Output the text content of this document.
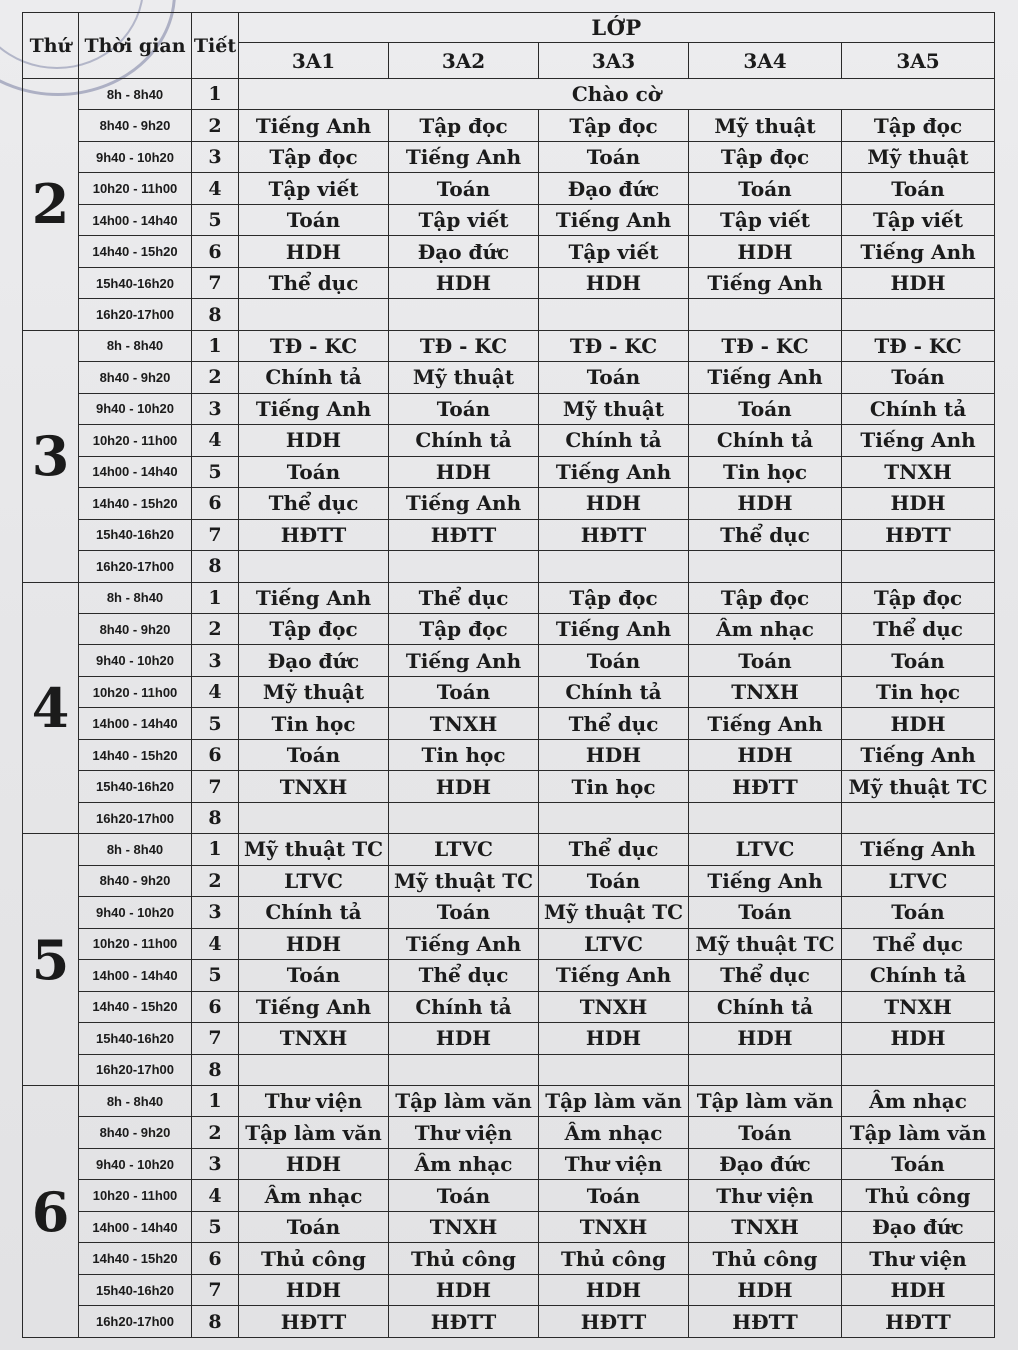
Thứ	Thời gian	Tiết	LỚP				
			3A1	3A2	3A3	3A4	3A5
2	8h - 8h40	1	Chào cờ				
	8h40 - 9h20	2	Tiếng Anh	Tập đọc	Tập đọc	Mỹ thuật	Tập đọc
	9h40 - 10h20	3	Tập đọc	Tiếng Anh	Toán	Tập đọc	Mỹ thuật
	10h20 - 11h00	4	Tập viết	Toán	Đạo đức	Toán	Toán
	14h00 - 14h40	5	Toán	Tập viết	Tiếng Anh	Tập viết	Tập viết
	14h40 - 15h20	6	HDH	Đạo đức	Tập viết	HDH	Tiếng Anh
	15h40-16h20	7	Thể dục	HDH	HDH	Tiếng Anh	HDH
	16h20-17h00	8					
3	8h - 8h40	1	TĐ - KC	TĐ - KC	TĐ - KC	TĐ - KC	TĐ - KC
	8h40 - 9h20	2	Chính tả	Mỹ thuật	Toán	Tiếng Anh	Toán
	9h40 - 10h20	3	Tiếng Anh	Toán	Mỹ thuật	Toán	Chính tả
	10h20 - 11h00	4	HDH	Chính tả	Chính tả	Chính tả	Tiếng Anh
	14h00 - 14h40	5	Toán	HDH	Tiếng Anh	Tin học	TNXH
	14h40 - 15h20	6	Thể dục	Tiếng Anh	HDH	HDH	HDH
	15h40-16h20	7	HĐTT	HĐTT	HĐTT	Thể dục	HĐTT
	16h20-17h00	8					
4	8h - 8h40	1	Tiếng Anh	Thể dục	Tập đọc	Tập đọc	Tập đọc
	8h40 - 9h20	2	Tập đọc	Tập đọc	Tiếng Anh	Âm nhạc	Thể dục
	9h40 - 10h20	3	Đạo đức	Tiếng Anh	Toán	Toán	Toán
	10h20 - 11h00	4	Mỹ thuật	Toán	Chính tả	TNXH	Tin học
	14h00 - 14h40	5	Tin học	TNXH	Thể dục	Tiếng Anh	HDH
	14h40 - 15h20	6	Toán	Tin học	HDH	HDH	Tiếng Anh
	15h40-16h20	7	TNXH	HDH	Tin học	HĐTT	Mỹ thuật TC
	16h20-17h00	8					
5	8h - 8h40	1	Mỹ thuật TC	LTVC	Thể dục	LTVC	Tiếng Anh
	8h40 - 9h20	2	LTVC	Mỹ thuật TC	Toán	Tiếng Anh	LTVC
	9h40 - 10h20	3	Chính tả	Toán	Mỹ thuật TC	Toán	Toán
	10h20 - 11h00	4	HDH	Tiếng Anh	LTVC	Mỹ thuật TC	Thể dục
	14h00 - 14h40	5	Toán	Thể dục	Tiếng Anh	Thể dục	Chính tả
	14h40 - 15h20	6	Tiếng Anh	Chính tả	TNXH	Chính tả	TNXH
	15h40-16h20	7	TNXH	HDH	HDH	HDH	HDH
	16h20-17h00	8					
6	8h - 8h40	1	Thư viện	Tập làm văn	Tập làm văn	Tập làm văn	Âm nhạc
	8h40 - 9h20	2	Tập làm văn	Thư viện	Âm nhạc	Toán	Tập làm văn
	9h40 - 10h20	3	HDH	Âm nhạc	Thư viện	Đạo đức	Toán
	10h20 - 11h00	4	Âm nhạc	Toán	Toán	Thư viện	Thủ công
	14h00 - 14h40	5	Toán	TNXH	TNXH	TNXH	Đạo đức
	14h40 - 15h20	6	Thủ công	Thủ công	Thủ công	Thủ công	Thư viện
	15h40-16h20	7	HDH	HDH	HDH	HDH	HDH
	16h20-17h00	8	HĐTT	HĐTT	HĐTT	HĐTT	HĐTT
